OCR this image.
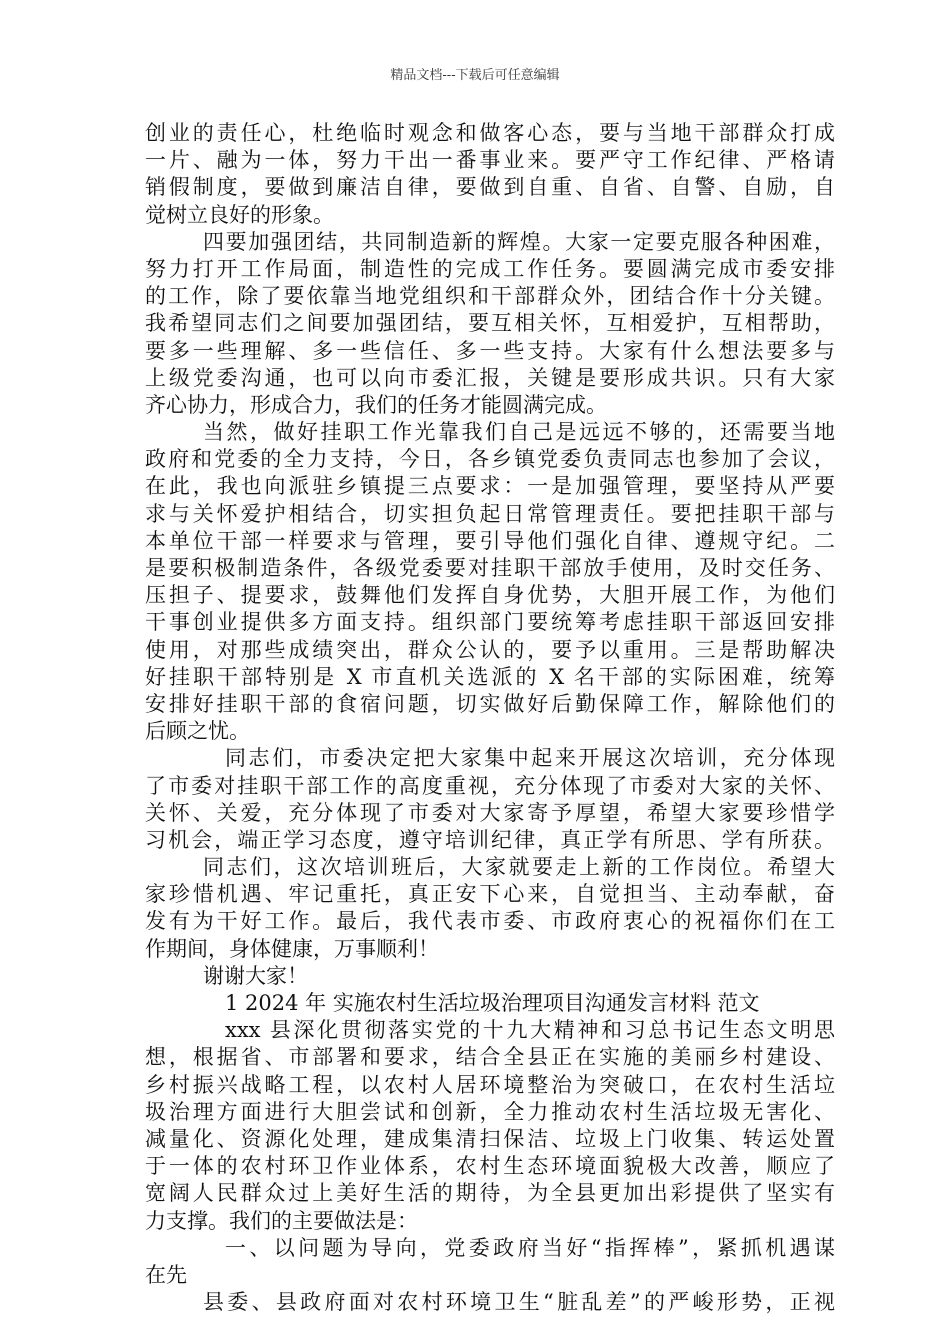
精品文档---下载后可任意编辑
创业的责任心，杜绝临时观念和做客心态，要与当地干部群众打成
一片、融为一体，努力干出一番事业来。要严守工作纪律、严格请
销假制度，要做到廉洁自律，要做到自重、自省、自警、自励，自
觉树立良好的形象。
四要加强团结，共同制造新的辉煌。大家一定要克服各种困难，
努力打开工作局面，制造性的完成工作任务。要圆满完成市委安排
的工作，除了要依靠当地党组织和干部群众外，团结合作十分关键。
我希望同志们之间要加强团结，要互相关怀，互相爱护，互相帮助，
要多一些理解、多一些信任、多一些支持。大家有什么想法要多与
上级党委沟通，也可以向市委汇报，关键是要形成共识。只有大家
齐心协力，形成合力，我们的任务才能圆满完成。
当然，做好挂职工作光靠我们自己是远远不够的，还需要当地
政府和党委的全力支持，今日，各乡镇党委负责同志也参加了会议，
在此，我也向派驻乡镇提三点要求：一是加强管理，要坚持从严要
求与关怀爱护相结合，切实担负起日常管理责任。要把挂职干部与
本单位干部一样要求与管理，要引导他们强化自律、遵规守纪。二
是要积极制造条件，各级党委要对挂职干部放手使用，及时交任务、
压担子、提要求，鼓舞他们发挥自身优势，大胆开展工作，为他们
干事创业提供多方面支持。组织部门要统筹考虑挂职干部返回安排
使用，对那些成绩突出，群众公认的，要予以重用。三是帮助解决
好挂职干部特别是 X 市直机关选派的 X 名干部的实际困难，统筹
安排好挂职干部的食宿问题，切实做好后勤保障工作，解除他们的
后顾之忧。
同志们，市委决定把大家集中起来开展这次培训，充分体现
了市委对挂职干部工作的高度重视，充分体现了市委对大家的关怀、
关怀、关爱，充分体现了市委对大家寄予厚望，希望大家要珍惜学
习机会，端正学习态度，遵守培训纪律，真正学有所思、学有所获。
同志们，这次培训班后，大家就要走上新的工作岗位。希望大
家珍惜机遇、牢记重托，真正安下心来，自觉担当、主动奉献，奋
发有为干好工作。最后，我代表市委、市政府衷心的祝福你们在工
作期间，身体健康，万事顺利！
谢谢大家！
1 2024 年 实施农村生活垃圾治理项目沟通发言材料 范文
xxx 县深化贯彻落实党的十九大精神和习总书记生态文明思
想，根据省、市部署和要求，结合全县正在实施的美丽乡村建设、
乡村振兴战略工程，以农村人居环境整治为突破口，在农村生活垃
圾治理方面进行大胆尝试和创新，全力推动农村生活垃圾无害化、
减量化、资源化处理，建成集清扫保洁、垃圾上门收集、转运处置
于一体的农村环卫作业体系，农村生态环境面貌极大改善，顺应了
宽阔人民群众过上美好生活的期待，为全县更加出彩提供了坚实有
力支撑。我们的主要做法是：
一、以问题为导向，党委政府当好“指挥棒”，紧抓机遇谋
在先
县委、县政府面对农村环境卫生“脏乱差”的严峻形势，正视
